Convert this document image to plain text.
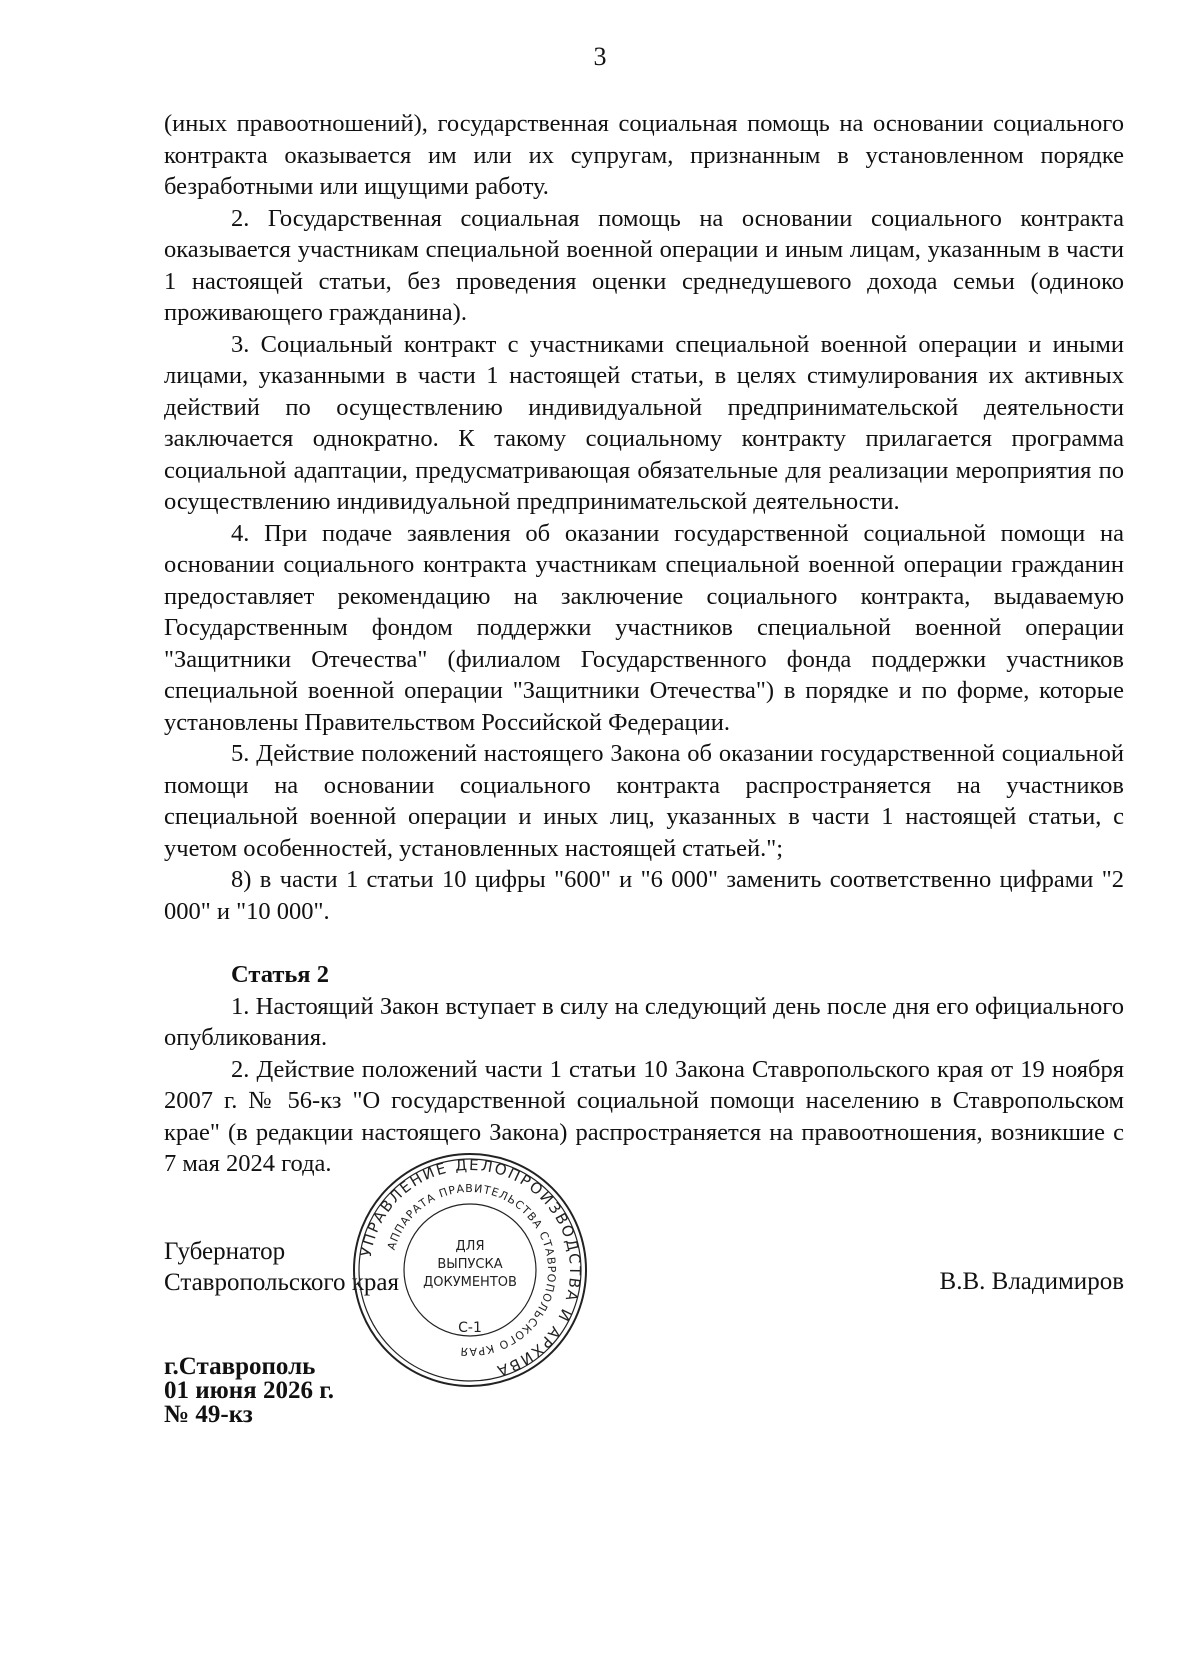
3

(иных правоотношений), государственная социальная помощь на основании социального контракта оказывается им или их супругам, признанным в установленном порядке безработными или ищущими работу.

2. Государственная социальная помощь на основании социального контракта оказывается участникам специальной военной операции и иным лицам, указанным в части 1 настоящей статьи, без проведения оценки среднедушевого дохода семьи (одиноко проживающего гражданина).

3. Социальный контракт с участниками специальной военной операции и иными лицами, указанными в части 1 настоящей статьи, в целях стимулирования их активных действий по осуществлению индивидуальной предпринимательской деятельности заключается однократно. К такому социальному контракту прилагается программа социальной адаптации, предусматривающая обязательные для реализации мероприятия по осуществлению индивидуальной предпринимательской деятельности.

4. При подаче заявления об оказании государственной социальной помощи на основании социального контракта участникам специальной военной операции гражданин предоставляет рекомендацию на заключение социального контракта, выдаваемую Государственным фондом поддержки участников специальной военной операции "Защитники Отечества" (филиалом Государственного фонда поддержки участников специальной военной операции "Защитники Отечества") в порядке и по форме, которые установлены Правительством Российской Федерации.

5. Действие положений настоящего Закона об оказании государственной социальной помощи на основании социального контракта распространяется на участников специальной военной операции и иных лиц, указанных в части 1 настоящей статьи, с учетом особенностей, установленных настоящей статьей.";

8) в части 1 статьи 10 цифры "600" и "6 000" заменить соответственно цифрами "2 000" и "10 000".

Статья 2

1. Настоящий Закон вступает в силу на следующий день после дня его официального опубликования.

2. Действие положений части 1 статьи 10 Закона Ставропольского края от 19 ноября 2007 г. № 56-кз "О государственной социальной помощи населению в Ставропольском крае" (в редакции настоящего Закона) распространяется на правоотношения, возникшие с 7 мая 2024 года.

Губернатор
Ставропольского края	В.В. Владимиров
г.Ставрополь
01 июня 2026 г.
№ 49-кз
УПРАВЛЕНИЕ ДЕЛОПРОИЗВОДСТВА И АРХИВА
АППАРАТА ПРАВИТЕЛЬСТВА СТАВРОПОЛЬСКОГО КРАЯ
ДЛЯ
ВЫПУСКА
ДОКУМЕНТОВ
С-1
